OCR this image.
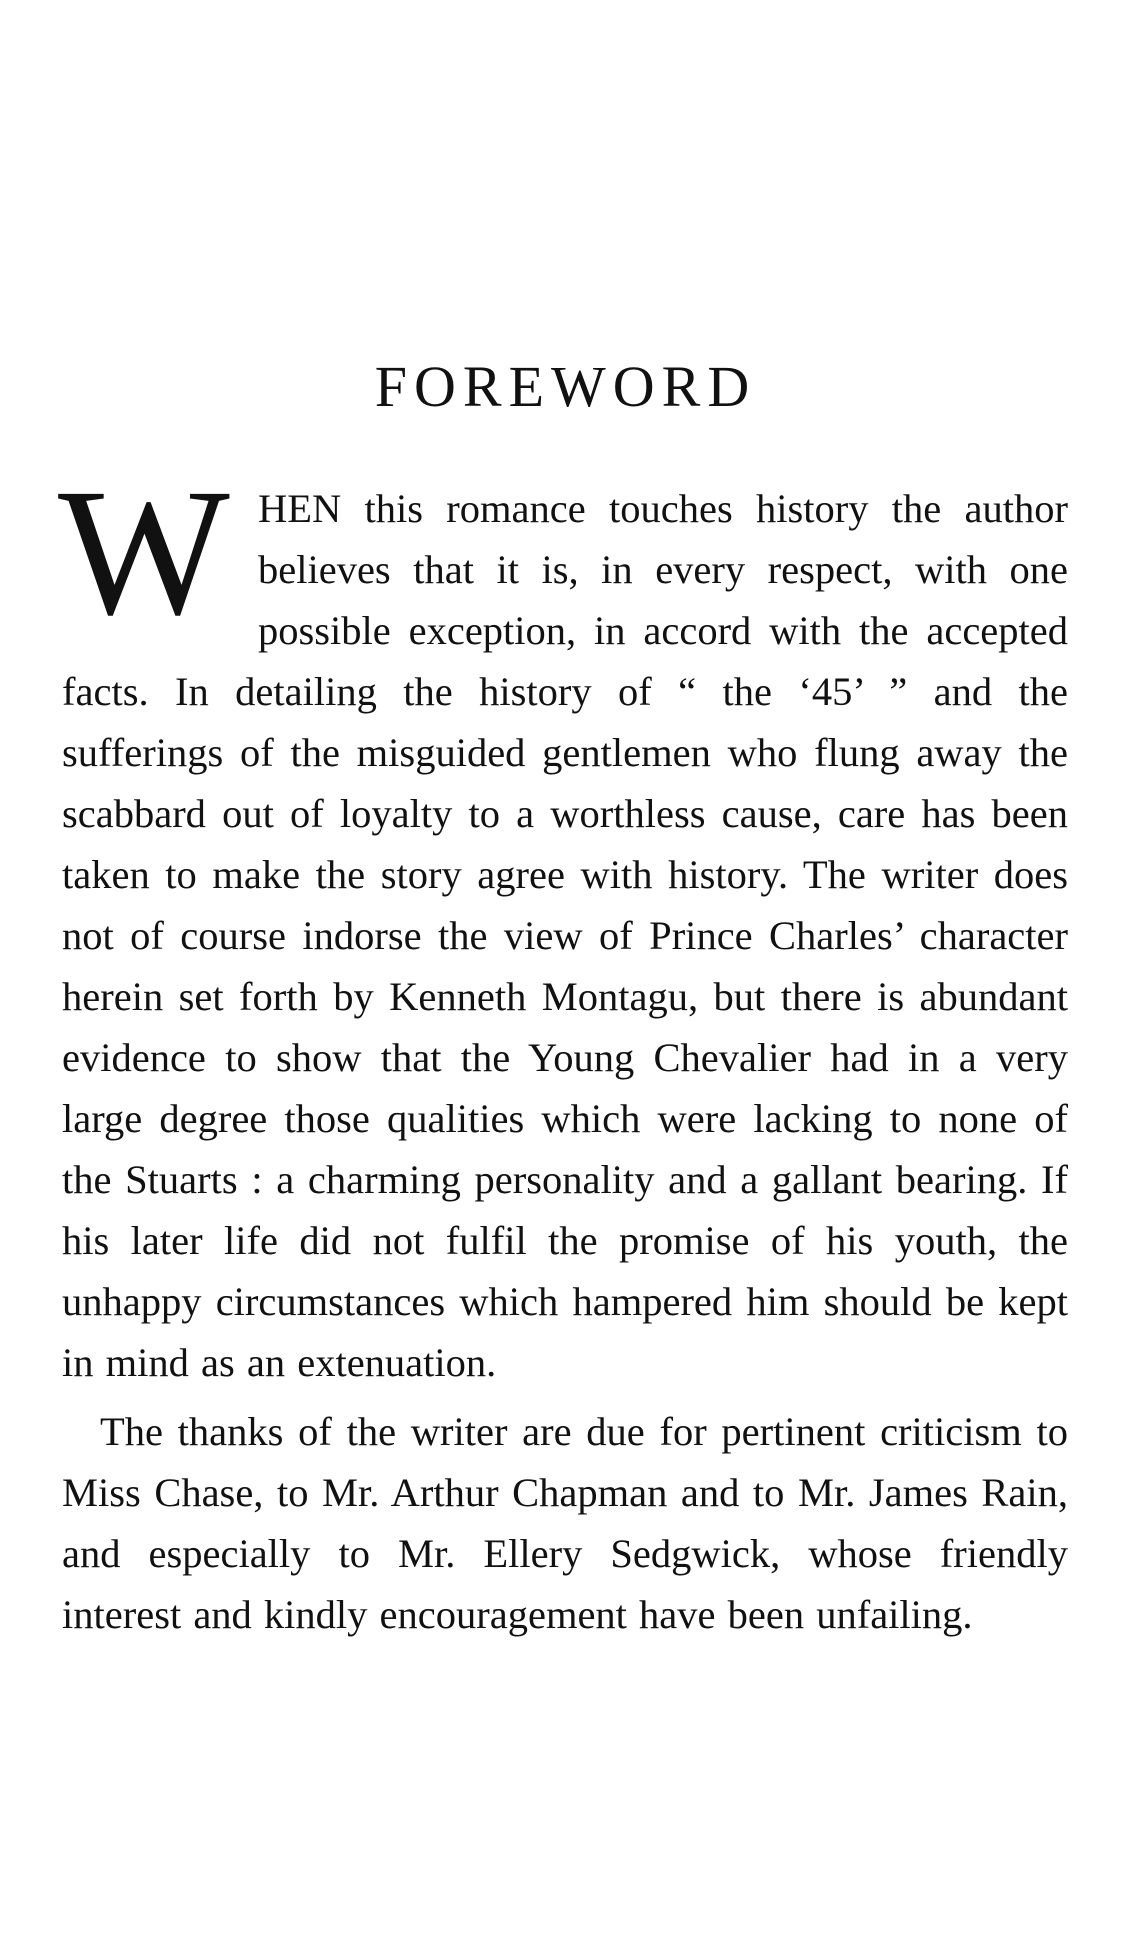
FOREWORD

W HEN this romance touches history the author believes that it is, in every respect, with one possible exception, in accord with the accepted facts. In detailing the history of “ the ‘45’ ” and the sufferings of the misguided gentlemen who flung away the scabbard out of loyalty to a worthless cause, care has been taken to make the story agree with history. The writer does not of course indorse the view of Prince Charles’ character herein set forth by Kenneth Montagu, but there is abundant evidence to show that the Young Chevalier had in a very large degree those qualities which were lacking to none of the Stuarts : a charming personality and a gallant bearing. If his later life did not fulfil the promise of his youth, the unhappy circumstances which hampered him should be kept in mind as an extenuation.

The thanks of the writer are due for pertinent criticism to Miss Chase, to Mr. Arthur Chapman and to Mr. James Rain, and especially to Mr. Ellery Sedgwick, whose friendly interest and kindly encouragement have been unfailing.
